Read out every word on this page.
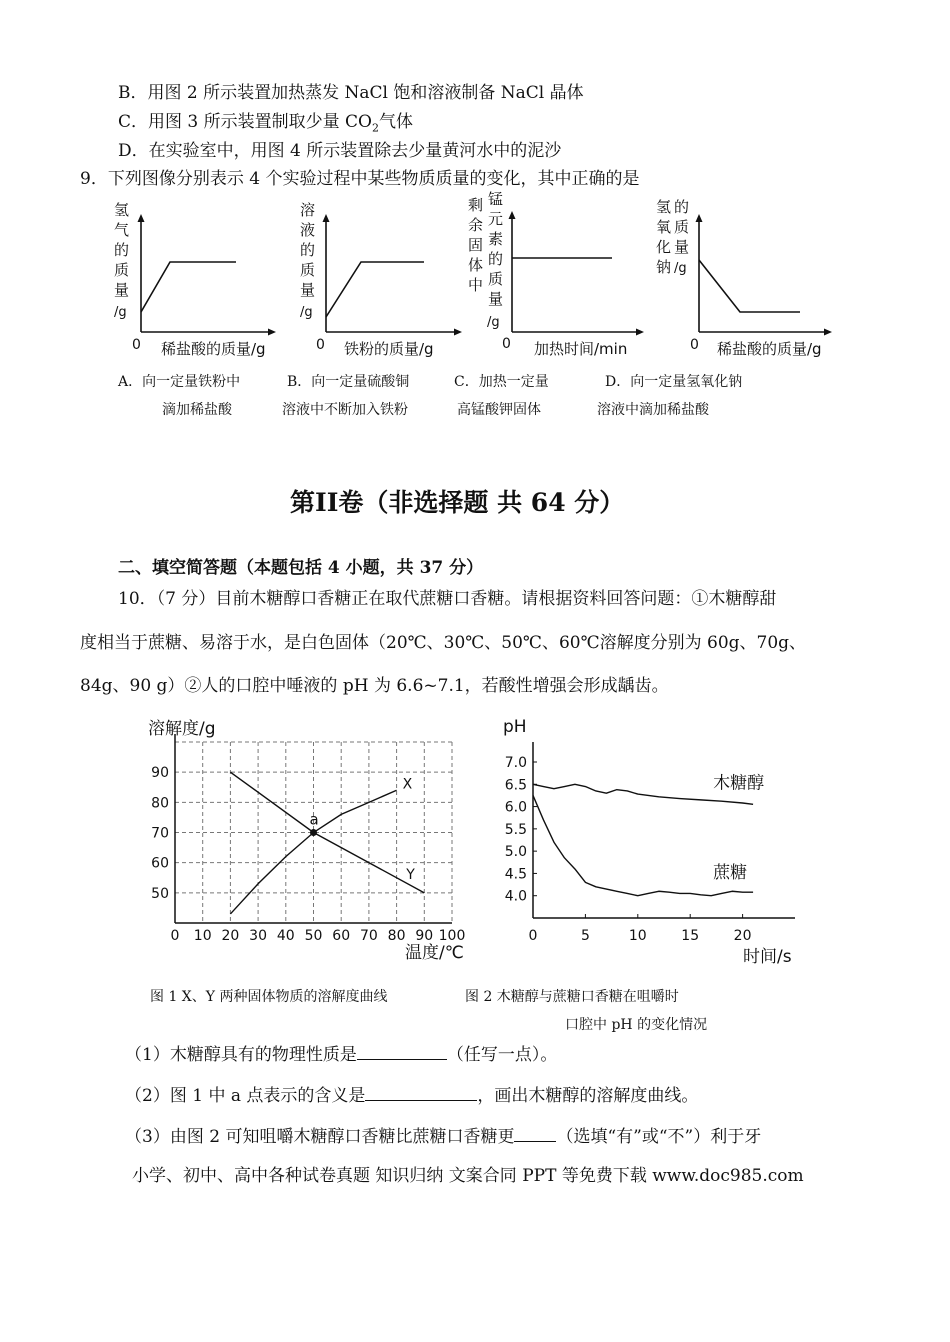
B．用图 2 所示装置加热蒸发 NaCl 饱和溶液制备 NaCl 晶体
C．用图 3 所示装置制取少量 $CO_2$气体
D．在实验室中，用图 4 所示装置除去少量黄河水中的泥沙
9．下列图像分别表示 4 个实验过程中某些物质质量的变化，其中正确的是
氢
气
的
质
量
/g
0 稀盐酸的质量/g
溶
液
的
质
量
/g
0 铁粉的质量/g
剩
余
固
体
中
锰
元
素
的
质
量
/g
0 加热时间/min
氢
氧
化
钠
的
质
量
/g
0 稀盐酸的质量/g
A．向一定量铁粉中
滴加稀盐酸
B．向一定量硫酸铜
溶液中不断加入铁粉
C．加热一定量
高锰酸钾固体
D．向一定量氢氧化钠
溶液中滴加稀盐酸
第II卷（非选择题 共 64 分）
二、填空简答题（本题包括 4 小题，共 37 分）
10．（7 分）目前木糖醇口香糖正在取代蔗糖口香糖。请根据资料回答问题：①木糖醇甜
度相当于蔗糖、易溶于水，是白色固体（20℃、30℃、50℃、60℃溶解度分别为 60g、70g、
84g、90 g）②人的口腔中唾液的 pH 为 6.6~7.1，若酸性增强会形成龋齿。
0 10 20 30 40 50 60 70 80 90 100
50
60
70
80
90
溶解度/g
温度/℃
X
Y
a
4.0
4.5
5.0
5.5
6.0
6.5
7.0
0	5	10 15 20
pH
时间/s
木糖醇
蔗糖
图 1 X、Y 两种固体物质的溶解度曲线	图 2 木糖醇与蔗糖口香糖在咀嚼时
口腔中 pH 的变化情况
（1）木糖醇具有的物理性质是	（任写一点）。
（2）图 1 中 a 点表示的含义是	，画出木糖醇的溶解度曲线。
（3）由图 2 可知咀嚼木糖醇口香糖比蔗糖口香糖更 （选填“有”或“不”）利于牙
小学、初中、高中各种试卷真题 知识归纳 文案合同 PPT 等免费下载 www.doc985.com
